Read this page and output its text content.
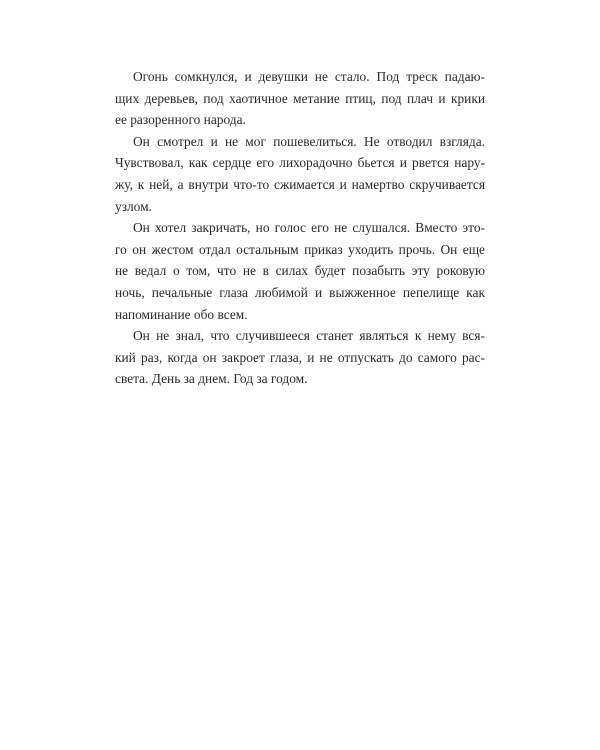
Огонь сомкнулся, и девушки не стало. Под треск падаю-
щих деревьев, под хаотичное метание птиц, под плач и крики
ее разоренного народа.

Он смотрел и не мог пошевелиться. Не отводил взгляда.
Чувствовал, как сердце его лихорадочно бьется и рвется нару-
жу, к ней, а внутри что-то сжимается и намертво скручивается
узлом.

Он хотел закричать, но голос его не слушался. Вместо это-
го он жестом отдал остальным приказ уходить прочь. Он еще
не ведал о том, что не в силах будет позабыть эту роковую
ночь, печальные глаза любимой и выжженное пепелище как
напоминание обо всем.

Он не знал, что случившееся станет являться к нему вся-
кий раз, когда он закроет глаза, и не отпускать до самого рас-
света. День за днем. Год за годом.
